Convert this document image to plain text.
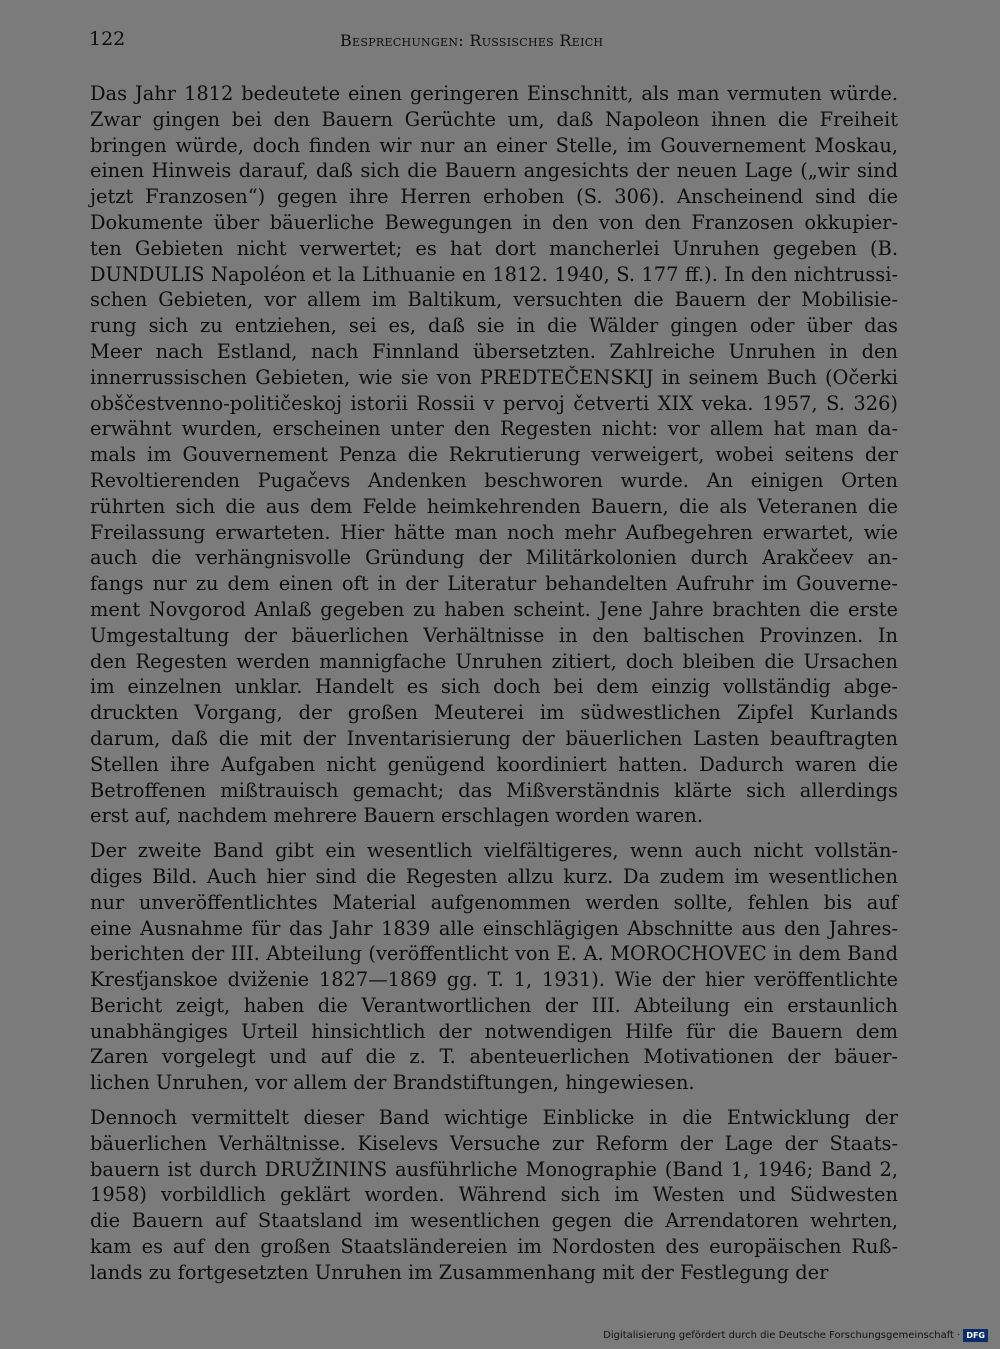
122	Besprechungen: Russisches Reich

Das Jahr 1812 bedeutete einen geringeren Einschnitt, als man vermuten würde.
Zwar gingen bei den Bauern Gerüchte um, daß Napoleon ihnen die Freiheit
bringen würde, doch finden wir nur an einer Stelle, im Gouvernement Moskau,
einen Hinweis darauf, daß sich die Bauern angesichts der neuen Lage („wir sind
jetzt Franzosen“) gegen ihre Herren erhoben (S. 306). Anscheinend sind die
Dokumente über bäuerliche Bewegungen in den von den Franzosen okkupier-
ten Gebieten nicht verwertet; es hat dort mancherlei Unruhen gegeben (B.
DUNDULIS Napoléon et la Lithuanie en 1812. 1940, S. 177 ff.). In den nichtrussi-
schen Gebieten, vor allem im Baltikum, versuchten die Bauern der Mobilisie-
rung sich zu entziehen, sei es, daß sie in die Wälder gingen oder über das
Meer nach Estland, nach Finnland übersetzten. Zahlreiche Unruhen in den
innerrussischen Gebieten, wie sie von PREDTEČENSKIJ in seinem Buch (Očerki
obščestvenno-političeskoj istorii Rossii v pervoj četverti XIX veka. 1957, S. 326)
erwähnt wurden, erscheinen unter den Regesten nicht: vor allem hat man da-
mals im Gouvernement Penza die Rekrutierung verweigert, wobei seitens der
Revoltierenden Pugačevs Andenken beschworen wurde. An einigen Orten
rührten sich die aus dem Felde heimkehrenden Bauern, die als Veteranen die
Freilassung erwarteten. Hier hätte man noch mehr Aufbegehren erwartet, wie
auch die verhängnisvolle Gründung der Militärkolonien durch Arakčeev an-
fangs nur zu dem einen oft in der Literatur behandelten Aufruhr im Gouverne-
ment Novgorod Anlaß gegeben zu haben scheint. Jene Jahre brachten die erste
Umgestaltung der bäuerlichen Verhältnisse in den baltischen Provinzen. In
den Regesten werden mannigfache Unruhen zitiert, doch bleiben die Ursachen
im einzelnen unklar. Handelt es sich doch bei dem einzig vollständig abge-
druckten Vorgang, der großen Meuterei im südwestlichen Zipfel Kurlands
darum, daß die mit der Inventarisierung der bäuerlichen Lasten beauftragten
Stellen ihre Aufgaben nicht genügend koordiniert hatten. Dadurch waren die
Betroffenen mißtrauisch gemacht; das Mißverständnis klärte sich allerdings
erst auf, nachdem mehrere Bauern erschlagen worden waren.

Der zweite Band gibt ein wesentlich vielfältigeres, wenn auch nicht vollstän-
diges Bild. Auch hier sind die Regesten allzu kurz. Da zudem im wesentlichen
nur unveröffentlichtes Material aufgenommen werden sollte, fehlen bis auf
eine Ausnahme für das Jahr 1839 alle einschlägigen Abschnitte aus den Jahres-
berichten der III. Abteilung (veröffentlicht von E. A. MOROCHOVEC in dem Band
Kresťjanskoe dviženie 1827—1869 gg. T. 1, 1931). Wie der hier veröffentlichte
Bericht zeigt, haben die Verantwortlichen der III. Abteilung ein erstaunlich
unabhängiges Urteil hinsichtlich der notwendigen Hilfe für die Bauern dem
Zaren vorgelegt und auf die z. T. abenteuerlichen Motivationen der bäuer-
lichen Unruhen, vor allem der Brandstiftungen, hingewiesen.

Dennoch vermittelt dieser Band wichtige Einblicke in die Entwicklung der
bäuerlichen Verhältnisse. Kiselevs Versuche zur Reform der Lage der Staats-
bauern ist durch DRUŽININS ausführliche Monographie (Band 1, 1946; Band 2,
1958) vorbildlich geklärt worden. Während sich im Westen und Südwesten
die Bauern auf Staatsland im wesentlichen gegen die Arrendatoren wehrten,
kam es auf den großen Staatsländereien im Nordosten des europäischen Ruß-
lands zu fortgesetzten Unruhen im Zusammenhang mit der Festlegung der

Digitalisierung gefördert durch die Deutsche Forschungsgemeinschaft · DFG
